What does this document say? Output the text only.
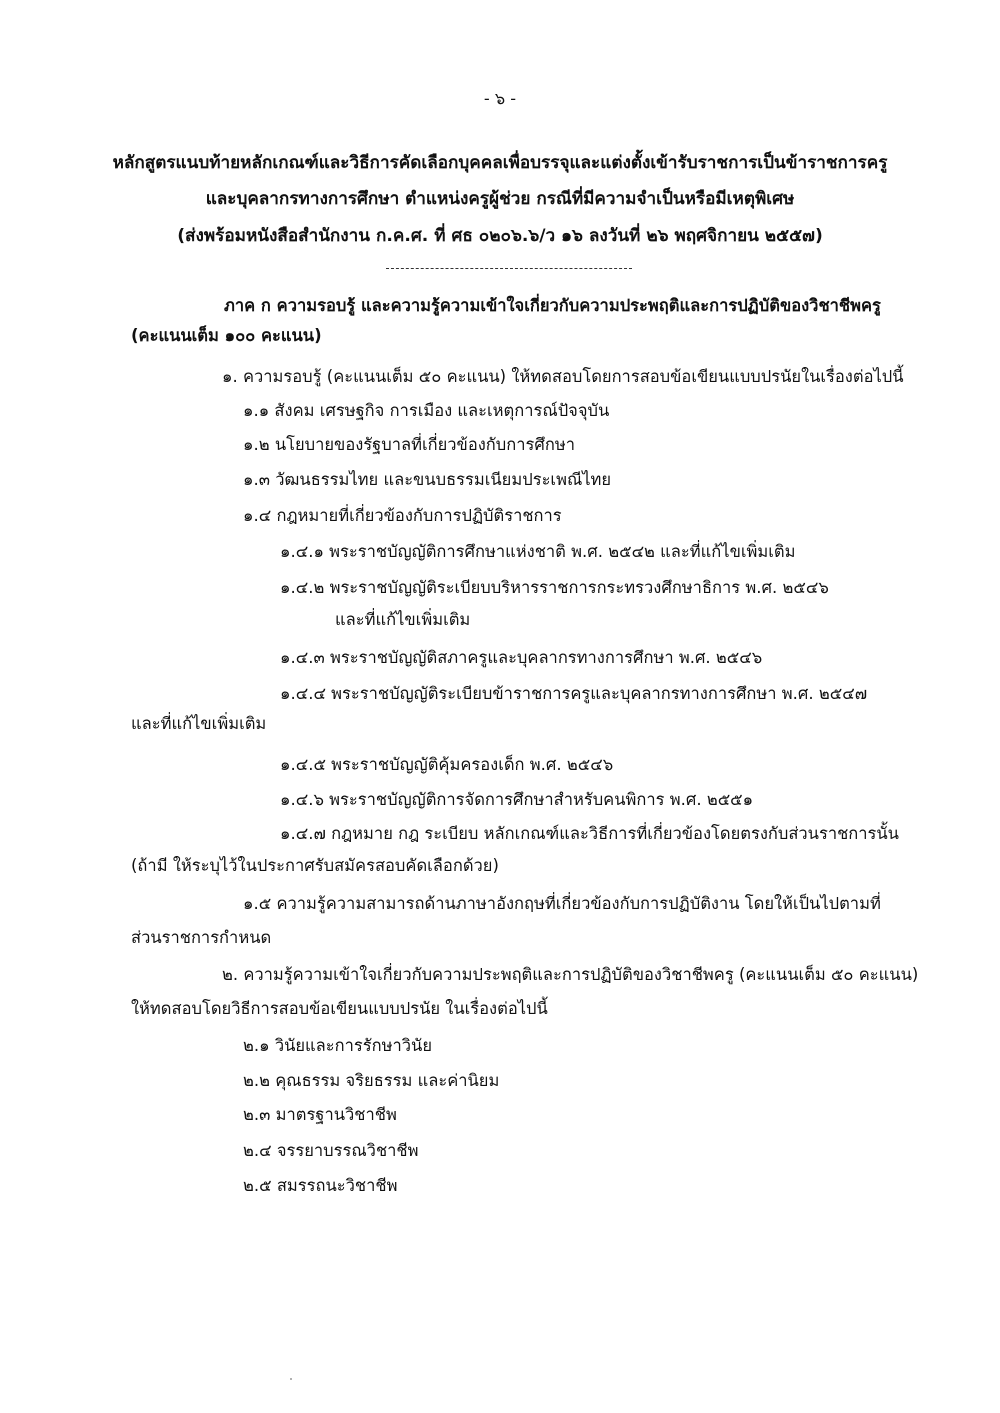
- ๖ -
หลักสูตรแนบท้ายหลักเกณฑ์และวิธีการคัดเลือกบุคคลเพื่อบรรจุและแต่งตั้งเข้ารับราชการเป็นข้าราชการครู
และบุคลากรทางการศึกษา ตำแหน่งครูผู้ช่วย กรณีที่มีความจำเป็นหรือมีเหตุพิเศษ
(ส่งพร้อมหนังสือสำนักงาน ก.ค.ศ. ที่ ศธ ๐๒๐๖.๖/ว ๑๖ ลงวันที่ ๒๖ พฤศจิกายน ๒๕๕๗)
ภาค ก ความรอบรู้ และความรู้ความเข้าใจเกี่ยวกับความประพฤติและการปฏิบัติของวิชาชีพครู
(คะแนนเต็ม ๑๐๐ คะแนน)
๑. ความรอบรู้ (คะแนนเต็ม ๕๐ คะแนน) ให้ทดสอบโดยการสอบข้อเขียนแบบปรนัยในเรื่องต่อไปนี้
๑.๑ สังคม เศรษฐกิจ การเมือง และเหตุการณ์ปัจจุบัน
๑.๒ นโยบายของรัฐบาลที่เกี่ยวข้องกับการศึกษา
๑.๓ วัฒนธรรมไทย และขนบธรรมเนียมประเพณีไทย
๑.๔ กฎหมายที่เกี่ยวข้องกับการปฏิบัติราชการ
๑.๔.๑ พระราชบัญญัติการศึกษาแห่งชาติ พ.ศ. ๒๕๔๒ และที่แก้ไขเพิ่มเติม
๑.๔.๒ พระราชบัญญัติระเบียบบริหารราชการกระทรวงศึกษาธิการ พ.ศ. ๒๕๔๖
และที่แก้ไขเพิ่มเติม
๑.๔.๓ พระราชบัญญัติสภาครูและบุคลากรทางการศึกษา พ.ศ. ๒๕๔๖
๑.๔.๔ พระราชบัญญัติระเบียบข้าราชการครูและบุคลากรทางการศึกษา พ.ศ. ๒๕๔๗
และที่แก้ไขเพิ่มเติม
๑.๔.๕ พระราชบัญญัติคุ้มครองเด็ก พ.ศ. ๒๕๔๖
๑.๔.๖ พระราชบัญญัติการจัดการศึกษาสำหรับคนพิการ พ.ศ. ๒๕๕๑
๑.๔.๗ กฎหมาย กฎ ระเบียบ หลักเกณฑ์และวิธีการที่เกี่ยวข้องโดยตรงกับส่วนราชการนั้น
(ถ้ามี ให้ระบุไว้ในประกาศรับสมัครสอบคัดเลือกด้วย)
๑.๕ ความรู้ความสามารถด้านภาษาอังกฤษที่เกี่ยวข้องกับการปฏิบัติงาน โดยให้เป็นไปตามที่
ส่วนราชการกำหนด
๒. ความรู้ความเข้าใจเกี่ยวกับความประพฤติและการปฏิบัติของวิชาชีพครู (คะแนนเต็ม ๕๐ คะแนน)
ให้ทดสอบโดยวิธีการสอบข้อเขียนแบบปรนัย ในเรื่องต่อไปนี้
๒.๑ วินัยและการรักษาวินัย
๒.๒ คุณธรรม จริยธรรม และค่านิยม
๒.๓ มาตรฐานวิชาชีพ
๒.๔ จรรยาบรรณวิชาชีพ
๒.๕ สมรรถนะวิชาชีพ
